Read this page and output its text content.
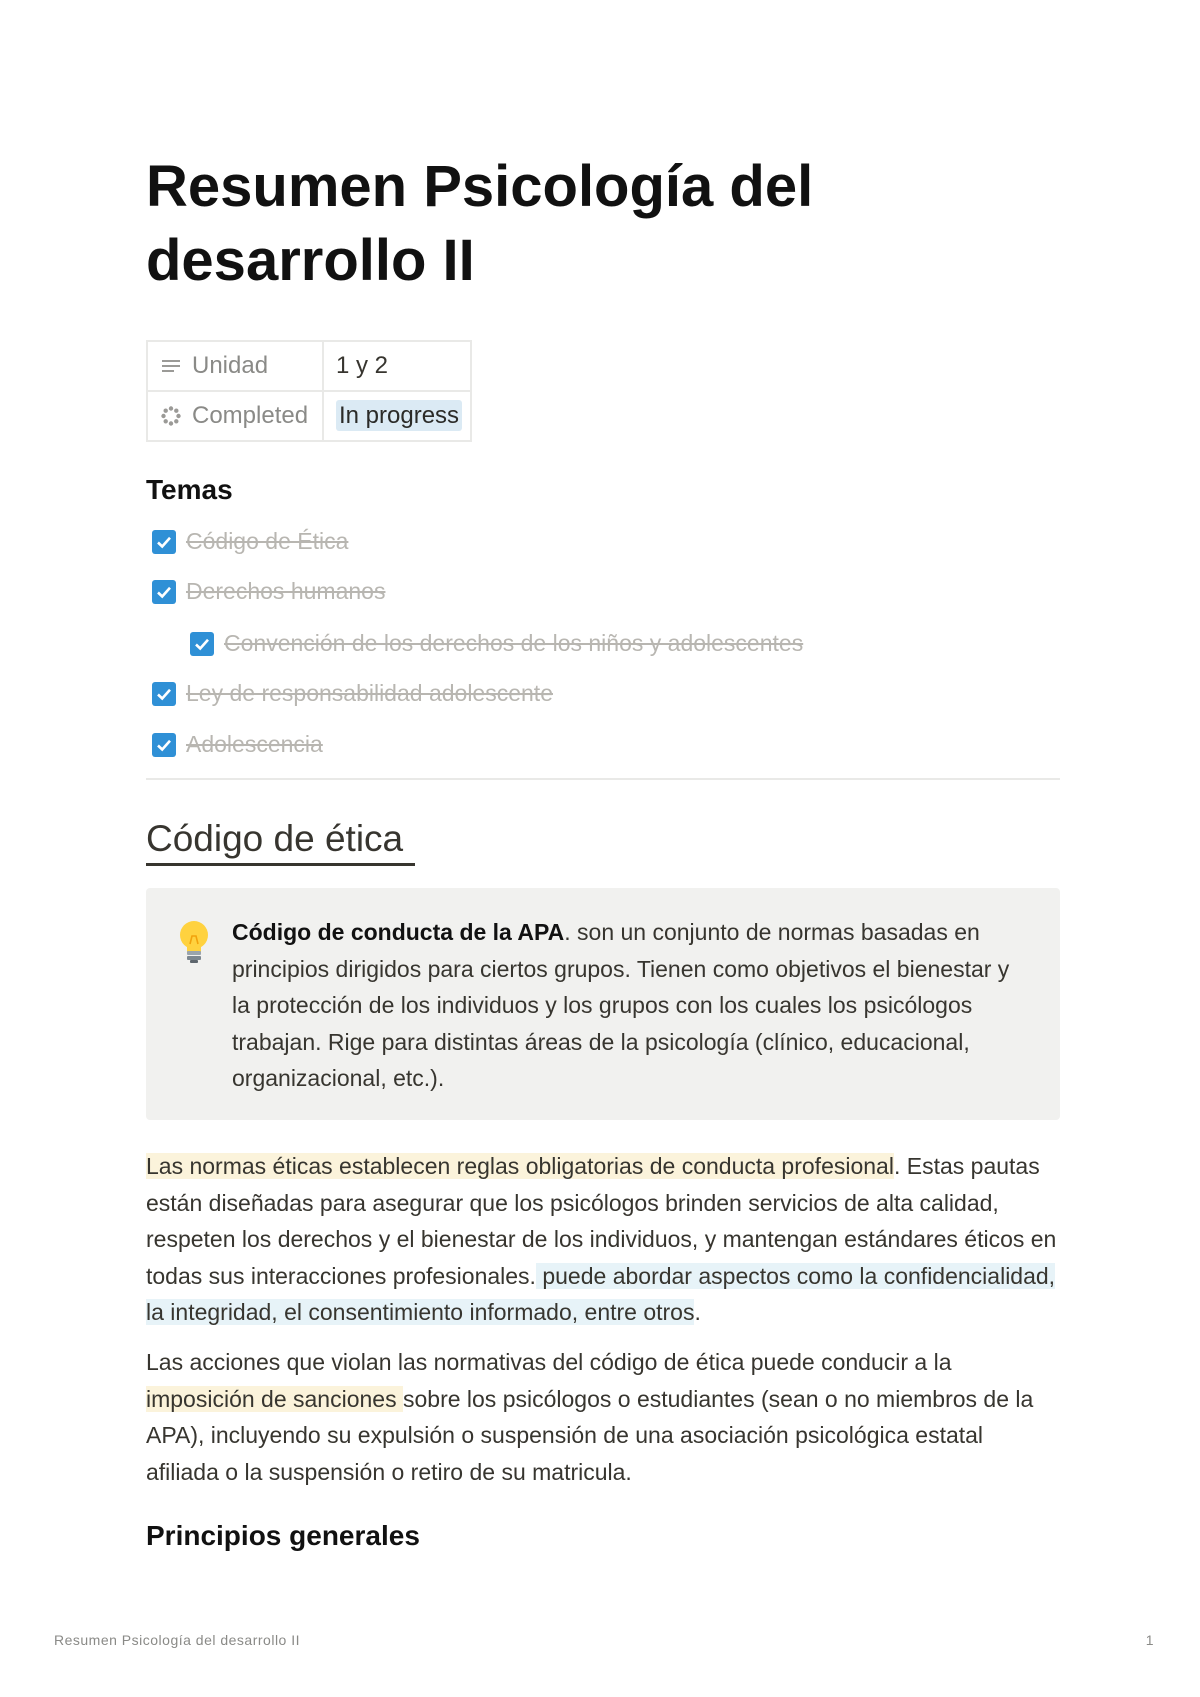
Resumen Psicología del desarrollo II
Unidad	1 y 2

Completed	In progress
Temas
Código de Ética
Derechos humanos
Convención de los derechos de los niños y adolescentes
Ley de responsabilidad adolescente
Adolescencia
Código de ética
Código de conducta de la APA. son un conjunto de normas basadas en principios dirigidos para ciertos grupos. Tienen como objetivos el bienestar y la protección de los individuos y los grupos con los cuales los psicólogos trabajan. Rige para distintas áreas de la psicología (clínico, educacional, organizacional, etc.).

Las normas éticas establecen reglas obligatorias de conducta profesional. Estas pautas están diseñadas para asegurar que los psicólogos brinden servicios de alta calidad, respeten los derechos y el bienestar de los individuos, y mantengan estándares éticos en todas sus interacciones profesionales. puede abordar aspectos como la confidencialidad, la integridad, el consentimiento informado, entre otros.

Las acciones que violan las normativas del código de ética puede conducir a la imposición de sanciones sobre los psicólogos o estudiantes (sean o no miembros de la APA), incluyendo su expulsión o suspensión de una asociación psicológica estatal afiliada o la suspensión o retiro de su matricula.

Principios generales
Resumen Psicología del desarrollo II	1
